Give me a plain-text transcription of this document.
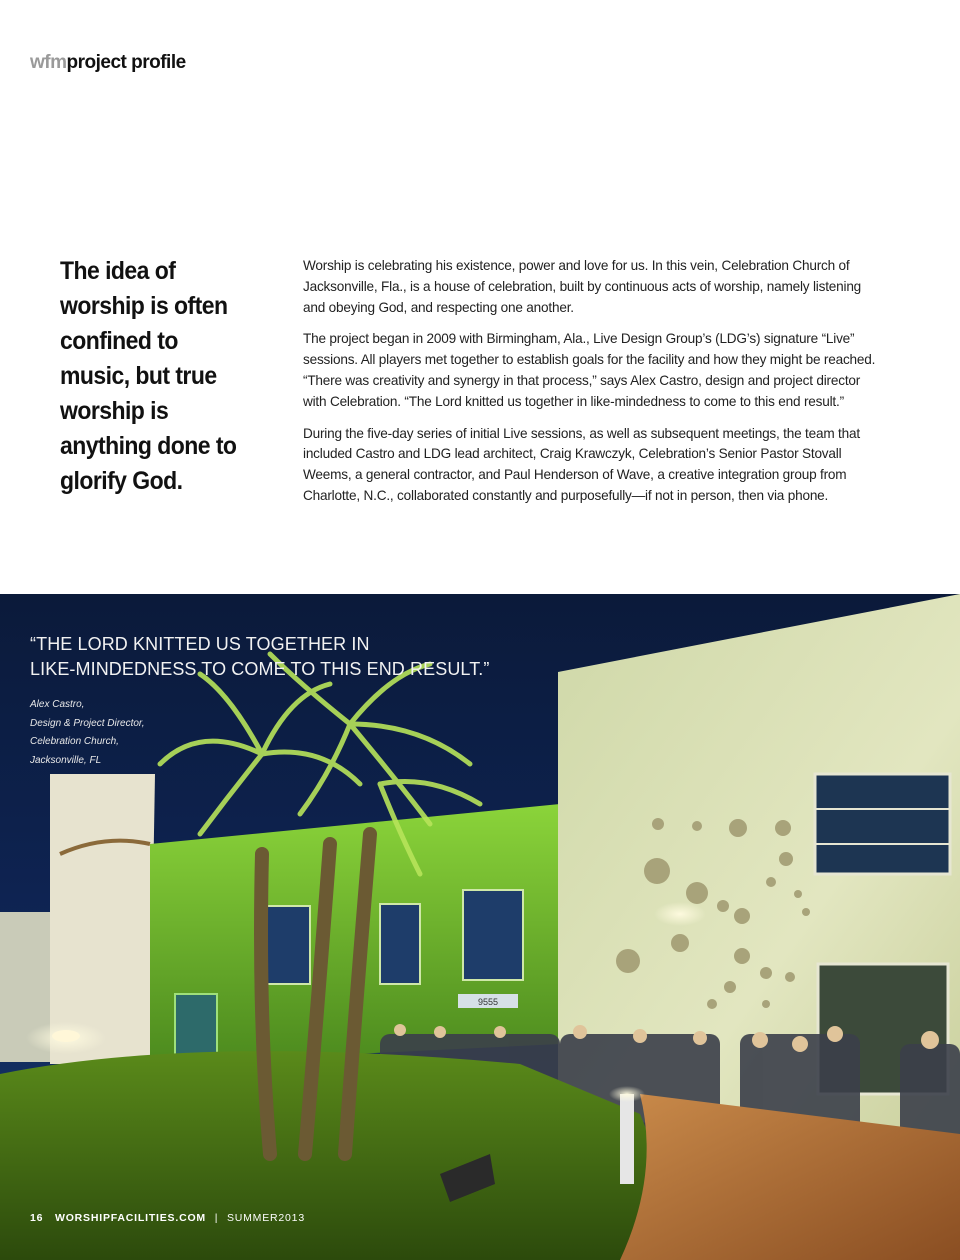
wfmproject profile
The idea of worship is often confined to music, but true worship is anything done to glorify God.

Worship is celebrating his existence, power and love for us. In this vein, Celebration Church of Jacksonville, Fla., is a house of celebration, built by continuous acts of worship, namely listening and obeying God, and respecting one another.

The project began in 2009 with Birmingham, Ala., Live Design Group’s (LDG’s) signature “Live” sessions. All players met together to establish goals for the facility and how they might be reached. “There was creativity and synergy in that process,” says Alex Castro, design and project director with Celebration. “The Lord knitted us together in like-mindedness to come to this end result.”

During the five-day series of initial Live sessions, as well as subsequent meetings, the team that included Castro and LDG lead architect, Craig Krawczyk, Celebration’s Senior Pastor Stovall Weems, a general contractor, and Paul Henderson of Wave, a creative integration group from Charlotte, N.C., collaborated constantly and purposefully—if not in person, then via phone.

9555
“THE LORD KNITTED US TOGETHER IN
LIKE-MINDEDNESS TO COME TO THIS END RESULT.”
Alex Castro,
Design & Project Director,
Celebration Church,
Jacksonville, FL
16 WORSHIPFACILITIES.COM | SUMMER2013
